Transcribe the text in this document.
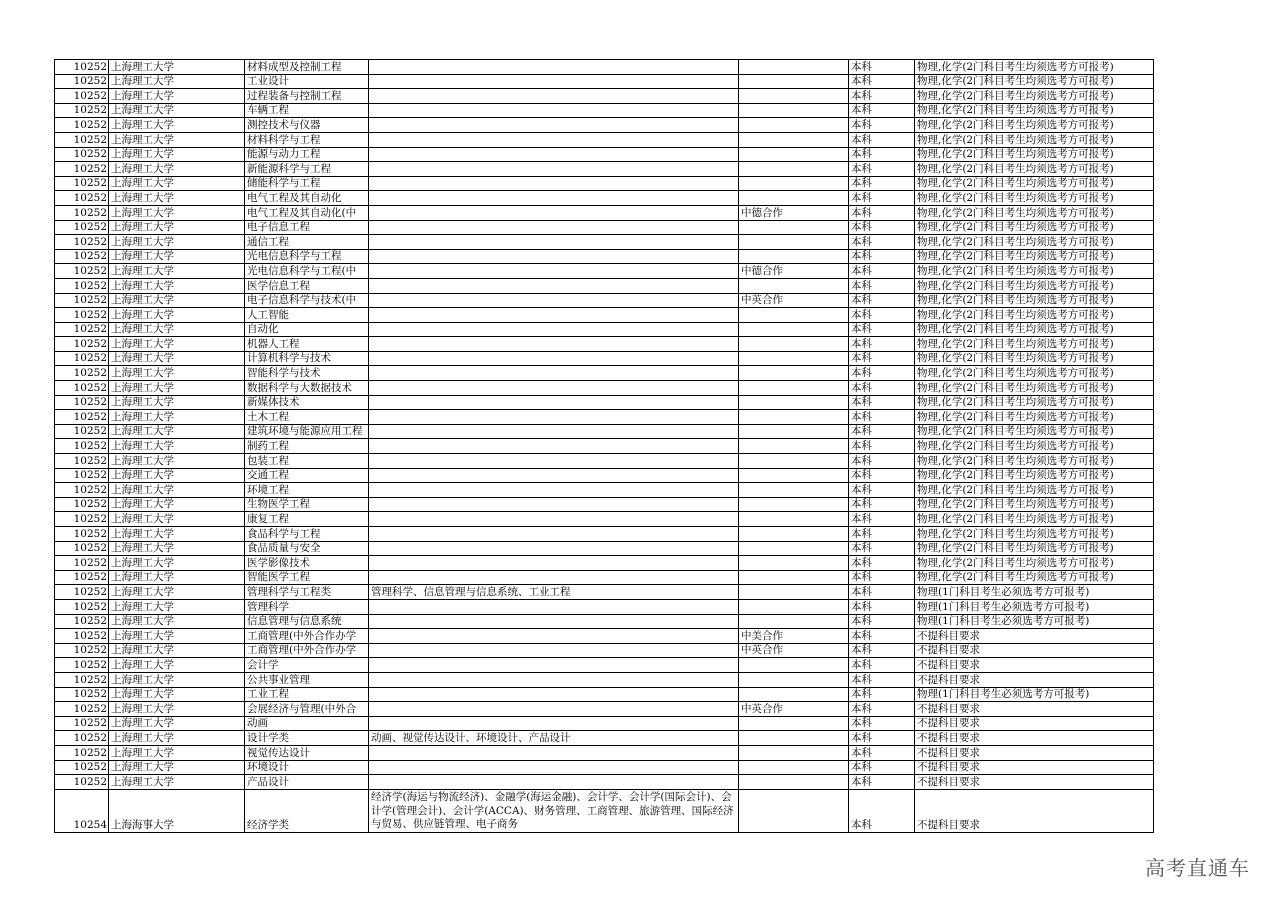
10252	上海理工大学	材料成型及控制工程			本科	物理,化学(2门科目考生均须选考方可报考)
10252	上海理工大学	工业设计			本科	物理,化学(2门科目考生均须选考方可报考)
10252	上海理工大学	过程装备与控制工程			本科	物理,化学(2门科目考生均须选考方可报考)
10252	上海理工大学	车辆工程			本科	物理,化学(2门科目考生均须选考方可报考)
10252	上海理工大学	测控技术与仪器			本科	物理,化学(2门科目考生均须选考方可报考)
10252	上海理工大学	材料科学与工程			本科	物理,化学(2门科目考生均须选考方可报考)
10252	上海理工大学	能源与动力工程			本科	物理,化学(2门科目考生均须选考方可报考)
10252	上海理工大学	新能源科学与工程			本科	物理,化学(2门科目考生均须选考方可报考)
10252	上海理工大学	储能科学与工程			本科	物理,化学(2门科目考生均须选考方可报考)
10252	上海理工大学	电气工程及其自动化			本科	物理,化学(2门科目考生均须选考方可报考)
10252	上海理工大学	电气工程及其自动化(中		中德合作	本科	物理,化学(2门科目考生均须选考方可报考)
10252	上海理工大学	电子信息工程			本科	物理,化学(2门科目考生均须选考方可报考)
10252	上海理工大学	通信工程			本科	物理,化学(2门科目考生均须选考方可报考)
10252	上海理工大学	光电信息科学与工程			本科	物理,化学(2门科目考生均须选考方可报考)
10252	上海理工大学	光电信息科学与工程(中		中德合作	本科	物理,化学(2门科目考生均须选考方可报考)
10252	上海理工大学	医学信息工程			本科	物理,化学(2门科目考生均须选考方可报考)
10252	上海理工大学	电子信息科学与技术(中		中英合作	本科	物理,化学(2门科目考生均须选考方可报考)
10252	上海理工大学	人工智能			本科	物理,化学(2门科目考生均须选考方可报考)
10252	上海理工大学	自动化			本科	物理,化学(2门科目考生均须选考方可报考)
10252	上海理工大学	机器人工程			本科	物理,化学(2门科目考生均须选考方可报考)
10252	上海理工大学	计算机科学与技术			本科	物理,化学(2门科目考生均须选考方可报考)
10252	上海理工大学	智能科学与技术			本科	物理,化学(2门科目考生均须选考方可报考)
10252	上海理工大学	数据科学与大数据技术			本科	物理,化学(2门科目考生均须选考方可报考)
10252	上海理工大学	新媒体技术			本科	物理,化学(2门科目考生均须选考方可报考)
10252	上海理工大学	土木工程			本科	物理,化学(2门科目考生均须选考方可报考)
10252	上海理工大学	建筑环境与能源应用工程			本科	物理,化学(2门科目考生均须选考方可报考)
10252	上海理工大学	制药工程			本科	物理,化学(2门科目考生均须选考方可报考)
10252	上海理工大学	包装工程			本科	物理,化学(2门科目考生均须选考方可报考)
10252	上海理工大学	交通工程			本科	物理,化学(2门科目考生均须选考方可报考)
10252	上海理工大学	环境工程			本科	物理,化学(2门科目考生均须选考方可报考)
10252	上海理工大学	生物医学工程			本科	物理,化学(2门科目考生均须选考方可报考)
10252	上海理工大学	康复工程			本科	物理,化学(2门科目考生均须选考方可报考)
10252	上海理工大学	食品科学与工程			本科	物理,化学(2门科目考生均须选考方可报考)
10252	上海理工大学	食品质量与安全			本科	物理,化学(2门科目考生均须选考方可报考)
10252	上海理工大学	医学影像技术			本科	物理,化学(2门科目考生均须选考方可报考)
10252	上海理工大学	智能医学工程			本科	物理,化学(2门科目考生均须选考方可报考)
10252	上海理工大学	管理科学与工程类	管理科学、信息管理与信息系统、工业工程		本科	物理(1门科目考生必须选考方可报考)
10252	上海理工大学	管理科学			本科	物理(1门科目考生必须选考方可报考)
10252	上海理工大学	信息管理与信息系统			本科	物理(1门科目考生必须选考方可报考)
10252	上海理工大学	工商管理(中外合作办学		中美合作	本科	不提科目要求
10252	上海理工大学	工商管理(中外合作办学		中英合作	本科	不提科目要求
10252	上海理工大学	会计学			本科	不提科目要求
10252	上海理工大学	公共事业管理			本科	不提科目要求
10252	上海理工大学	工业工程			本科	物理(1门科目考生必须选考方可报考)
10252	上海理工大学	会展经济与管理(中外合		中英合作	本科	不提科目要求
10252	上海理工大学	动画			本科	不提科目要求
10252	上海理工大学	设计学类	动画、视觉传达设计、环境设计、产品设计		本科	不提科目要求
10252	上海理工大学	视觉传达设计			本科	不提科目要求
10252	上海理工大学	环境设计			本科	不提科目要求
10252	上海理工大学	产品设计			本科	不提科目要求
10254	上海海事大学	经济学类	经济学(海运与物流经济)、金融学(海运金融)、会计学、会计学(国际会计)、会计学(管理会计)、会计学(ACCA)、财务管理、工商管理、旅游管理、国际经济与贸易、供应链管理、电子商务		本科	不提科目要求
高考直通车
